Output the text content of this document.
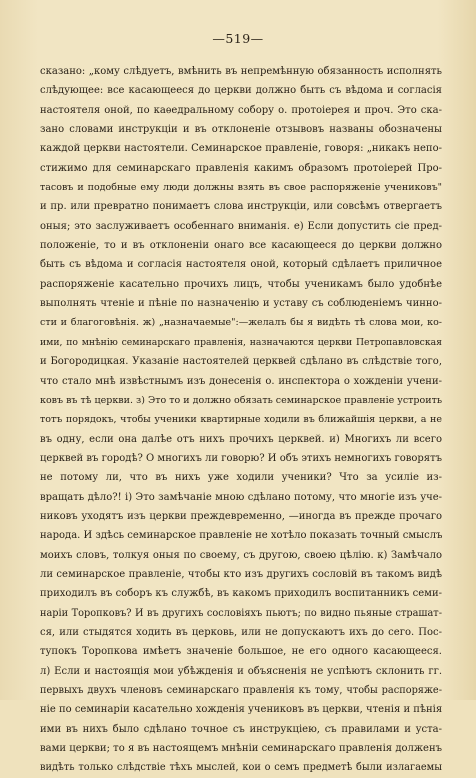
—519—
сказано: „кому слѣдуетъ, вмѣнить въ непремѣнную обязанность исполнять
слѣдующее: все касающееся до церкви должно быть съ вѣдома и согласія
настоятеля оной, по каѳедральному собору о. протоіерея и проч. Это ска-
зано словами инструкціи и въ отклоненіе отзывовъ названы обозначены
каждой церкви настоятели. Семинарское правленіе, говоря: „никакъ непо-
стижимо для семинарскаго правленія какимъ образомъ протоіерей Про-
тасовъ и подобные ему люди должны взять въ свое распоряженіе учениковъ"
и пр. или превратно понимаетъ слова инструкціи, или совсѣмъ отвергаетъ
оныя; это заслуживаетъ особеннаго вниманія. е) Если допустить сіе пред-
положеніе, то и въ отклоненіи онаго все касающееся до церкви должно
быть съ вѣдома и согласія настоятеля оной, который сдѣлаетъ приличное
распоряженіе касательно прочихъ лицъ, чтобы ученикамъ было удобнѣе
выполнять чтеніе и пѣніе по назначенію и уставу съ соблюденіемъ чинно-
сти и благоговѣнія. ж) „назначаемые":—желалъ бы я видѣть тѣ слова мои, ко-
ими, по мнѣнію семинарскаго правленія, назначаются церкви Петропавловская
и Богородицкая. Указаніе настоятелей церквей сдѣлано въ слѣдствіе того,
что стало мнѣ извѣстнымъ изъ донесенія о. инспектора о хожденіи учени-
ковъ въ тѣ церкви. з) Это то и должно обязать семинарское правленіе устроить
тотъ порядокъ, чтобы ученики квартирные ходили въ ближайшія церкви, а не
въ одну, если она далѣе отъ нихъ прочихъ церквей. и) Многихъ ли всего
церквей въ городѣ? О многихъ ли говорю? И объ этихъ немногихъ говорятъ
не потому ли, что въ нихъ уже ходили ученики? Что за усиліе из-
вращать дѣло?! і) Это замѣчаніе мною сдѣлано потому, что многіе изъ уче-
никовъ уходятъ изъ церкви преждевременно, —иногда въ прежде прочаго
народа. И здѣсь семинарское правленіе не хотѣло показать точный смыслъ
моихъ словъ, толкуя оныя по своему, съ другою, своею цѣлію. к) Замѣчало
ли семинарское правленіе, чтобы кто изъ другихъ сословій въ такомъ видѣ
приходилъ въ соборъ къ службѣ, въ какомъ приходилъ воспитанникъ семи-
наріи Торопковъ? И въ другихъ сословіяхъ пьютъ; по видно пьяные страшат-
ся, или стыдятся ходить въ церковь, или не допускаютъ ихъ до сего. Пос-
тупокъ Торопкова имѣетъ значеніе большое, не его одного касающееся.
л) Если и настоящія мои убѣжденія и объясненія не успѣютъ склонить гг.
первыхъ двухъ членовъ семинарскаго правленія къ тому, чтобы распоряже-
ніе по семинаріи касательно хожденія учениковъ въ церкви, чтенія и пѣнія
ими въ нихъ было сдѣлано точное съ инструкціею, съ правилами и уста-
вами церкви; то я въ настоящемъ мнѣніи семинарскаго правленія долженъ
видѣть только слѣдствіе тѣхъ мыслей, кои о семъ предметѣ были излагаемы
